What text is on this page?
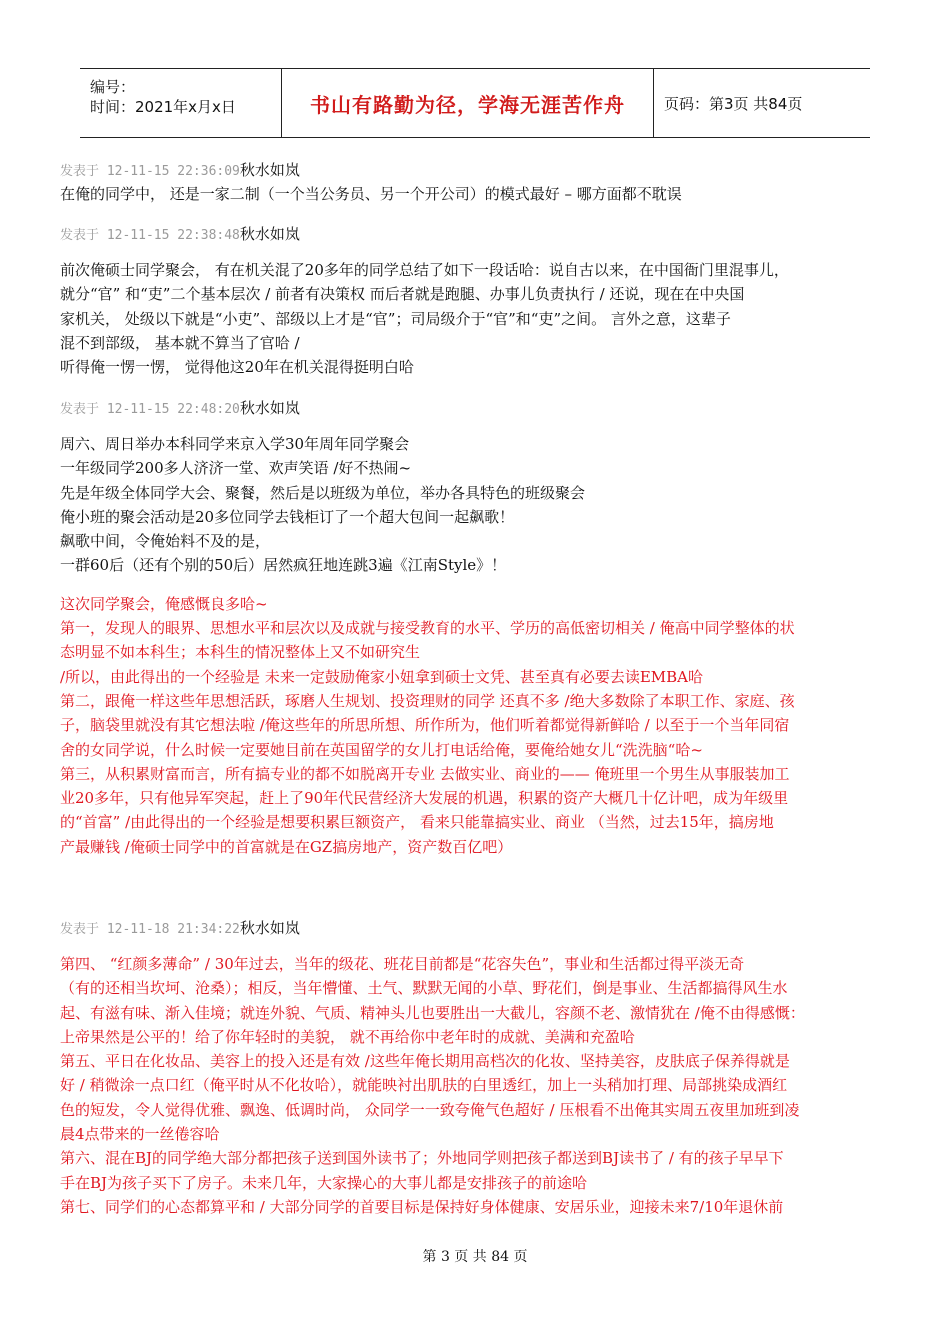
编号：
时间：2021年x月x日	书山有路勤为径，学海无涯苦作舟	页码：第3页 共84页
发表于 12-11-15 22:36:09秋水如岚

在俺的同学中， 还是一家二制（一个当公务员、另一个开公司）的模式最好 – 哪方面都不耽误

发表于 12-11-15 22:38:48秋水如岚

前次俺硕士同学聚会， 有在机关混了20多年的同学总结了如下一段话哈：说自古以来，在中国衙门里混事儿，

就分“官” 和“吏”二个基本层次 / 前者有决策权 而后者就是跑腿、办事儿负责执行 / 还说，现在在中央国

家机关， 处级以下就是“小吏”、部级以上才是“官”；司局级介于“官”和“吏”之间。 言外之意，这辈子

混不到部级， 基本就不算当了官哈 /

听得俺一愣一愣， 觉得他这20年在机关混得挺明白哈

发表于 12-11-15 22:48:20秋水如岚

周六、周日举办本科同学来京入学30年周年同学聚会

一年级同学200多人济济一堂、欢声笑语 /好不热闹~

先是年级全体同学大会、聚餐，然后是以班级为单位，举办各具特色的班级聚会

俺小班的聚会活动是20多位同学去钱柜订了一个超大包间一起飙歌！

飙歌中间，令俺始料不及的是，

一群60后（还有个别的50后）居然疯狂地连跳3遍《江南Style》！

这次同学聚会，俺感慨良多哈~

第一，发现人的眼界、思想水平和层次以及成就与接受教育的水平、学历的高低密切相关 / 俺高中同学整体的状

态明显不如本科生；本科生的情况整体上又不如研究生

/所以，由此得出的一个经验是 未来一定鼓励俺家小妞拿到硕士文凭、甚至真有必要去读EMBA哈

第二，跟俺一样这些年思想活跃，琢磨人生规划、投资理财的同学 还真不多 /绝大多数除了本职工作、家庭、孩

子，脑袋里就没有其它想法啦 /俺这些年的所思所想、所作所为，他们听着都觉得新鲜哈 / 以至于一个当年同宿

舍的女同学说，什么时候一定要她目前在英国留学的女儿打电话给俺，要俺给她女儿“洗洗脑“哈~

第三，从积累财富而言，所有搞专业的都不如脱离开专业 去做实业、商业的—— 俺班里一个男生从事服装加工

业20多年，只有他异军突起，赶上了90年代民营经济大发展的机遇，积累的资产大概几十亿计吧，成为年级里

的“首富” /由此得出的一个经验是想要积累巨额资产， 看来只能靠搞实业、商业 （当然，过去15年，搞房地

产最赚钱 /俺硕士同学中的首富就是在GZ搞房地产，资产数百亿吧）

发表于 12-11-18 21:34:22秋水如岚

第四、 “红颜多薄命” / 30年过去，当年的级花、班花目前都是“花容失色”，事业和生活都过得平淡无奇

（有的还相当坎坷、沧桑）；相反，当年懵懂、土气、默默无闻的小草、野花们，倒是事业、生活都搞得风生水

起、有滋有味、渐入佳境；就连外貌、气质、精神头儿也要胜出一大截儿，容颜不老、激情犹在 /俺不由得感慨：

上帝果然是公平的！给了你年轻时的美貌， 就不再给你中老年时的成就、美满和充盈哈

第五、平日在化妆品、美容上的投入还是有效 /这些年俺长期用高档次的化妆、坚持美容，皮肤底子保养得就是

好 / 稍微涂一点口红（俺平时从不化妆哈），就能映衬出肌肤的白里透红，加上一头稍加打理、局部挑染成酒红

色的短发，令人觉得优雅、飘逸、低调时尚， 众同学一一致夸俺气色超好 / 压根看不出俺其实周五夜里加班到凌

晨4点带来的一丝倦容哈

第六、混在BJ的同学绝大部分都把孩子送到国外读书了；外地同学则把孩子都送到BJ读书了 / 有的孩子早早下

手在BJ为孩子买下了房子。未来几年，大家操心的大事儿都是安排孩子的前途哈

第七、同学们的心态都算平和 / 大部分同学的首要目标是保持好身体健康、安居乐业，迎接未来7/10年退休前

第 3 页 共 84 页
